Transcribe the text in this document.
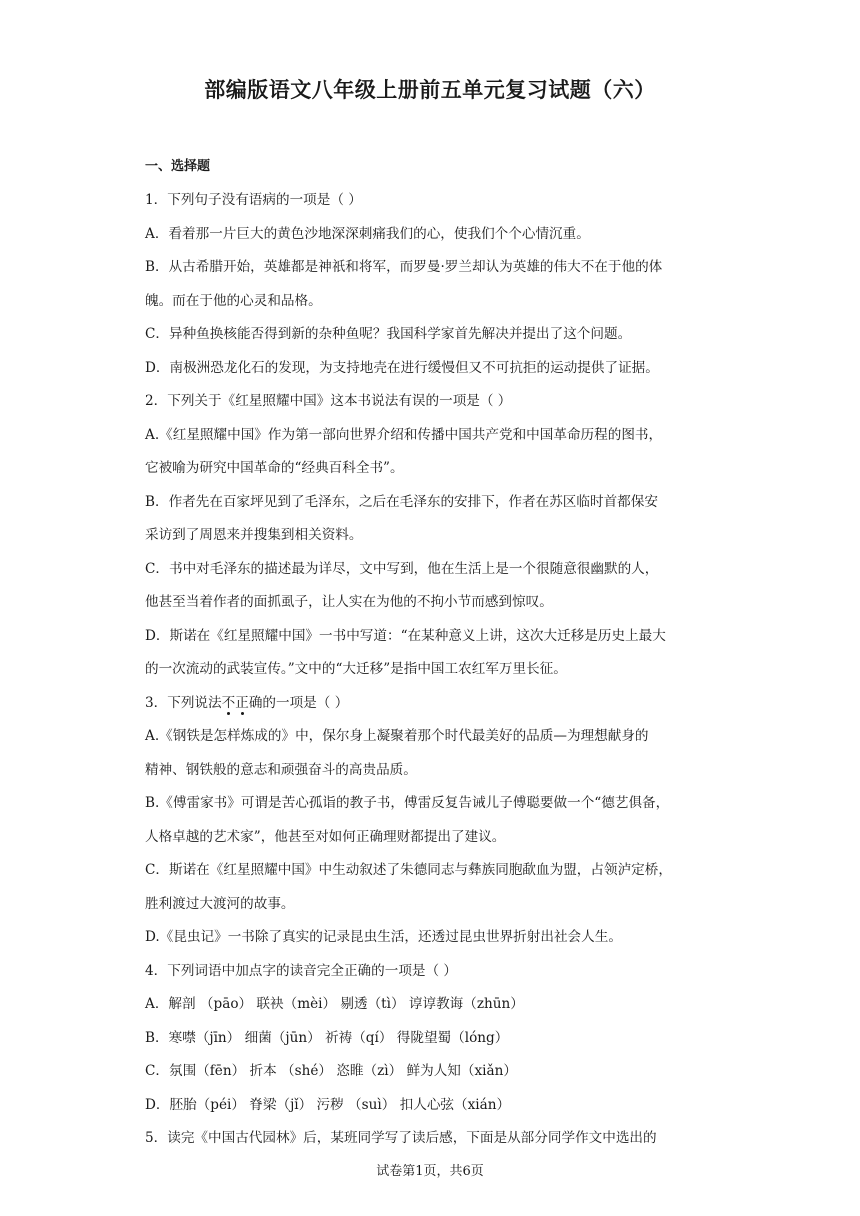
部编版语文八年级上册前五单元复习试题（六）
一、选择题
1．下列句子没有语病的一项是（ ）
A．看着那一片巨大的黄色沙地深深刺痛我们的心，使我们个个心情沉重。
B．从古希腊开始，英雄都是神祇和将军，而罗曼·罗兰却认为英雄的伟大不在于他的体
魄。而在于他的心灵和品格。
C．异种鱼换核能否得到新的杂种鱼呢？我国科学家首先解决并提出了这个问题。
D．南极洲恐龙化石的发现，为支持地壳在进行缓慢但又不可抗拒的运动提供了证据。
2．下列关于《红星照耀中国》这本书说法有误的一项是（ ）
A.《红星照耀中国》作为第一部向世界介绍和传播中国共产党和中国革命历程的图书，
它被喻为研究中国革命的“经典百科全书”。
B．作者先在百家坪见到了毛泽东，之后在毛泽东的安排下，作者在苏区临时首都保安
采访到了周恩来并搜集到相关资料。
C．书中对毛泽东的描述最为详尽，文中写到，他在生活上是一个很随意很幽默的人，
他甚至当着作者的面抓虱子，让人实在为他的不拘小节而感到惊叹。
D．斯诺在《红星照耀中国》一书中写道：“在某种意义上讲，这次大迁移是历史上最大
的一次流动的武装宣传。”文中的“大迁移”是指中国工农红军万里长征。
3．下列说法不正确的一项是（ ）
A.《钢铁是怎样炼成的》中，保尔身上凝聚着那个时代最美好的品质—为理想献身的
精神、钢铁般的意志和顽强奋斗的高贵品质。
B.《傅雷家书》可谓是苦心孤诣的教子书，傅雷反复告诫儿子傅聪要做一个“德艺俱备，
人格卓越的艺术家”，他甚至对如何正确理财都提出了建议。
C．斯诺在《红星照耀中国》中生动叙述了朱德同志与彝族同胞歃血为盟，占领泸定桥，
胜利渡过大渡河的故事。
D.《昆虫记》一书除了真实的记录昆虫生活，还透过昆虫世界折射出社会人生。
4．下列词语中加点字的读音完全正确的一项是（ ）
A．解剖 （pāo） 联袂（mèi） 剔透（tì） 谆谆教诲（zhūn）
B．寒噤（jīn） 细菌（jūn） 祈祷（qí） 得陇望蜀（lóng）
C．氛围（fēn） 折本 （shé） 恣睢（zì） 鲜为人知（xiǎn）
D．胚胎（péi） 脊梁（jǐ） 污秽 （suì） 扣人心弦（xián）
5．读完《中国古代园林》后，某班同学写了读后感，下面是从部分同学作文中选出的
试卷第1页，共6页
